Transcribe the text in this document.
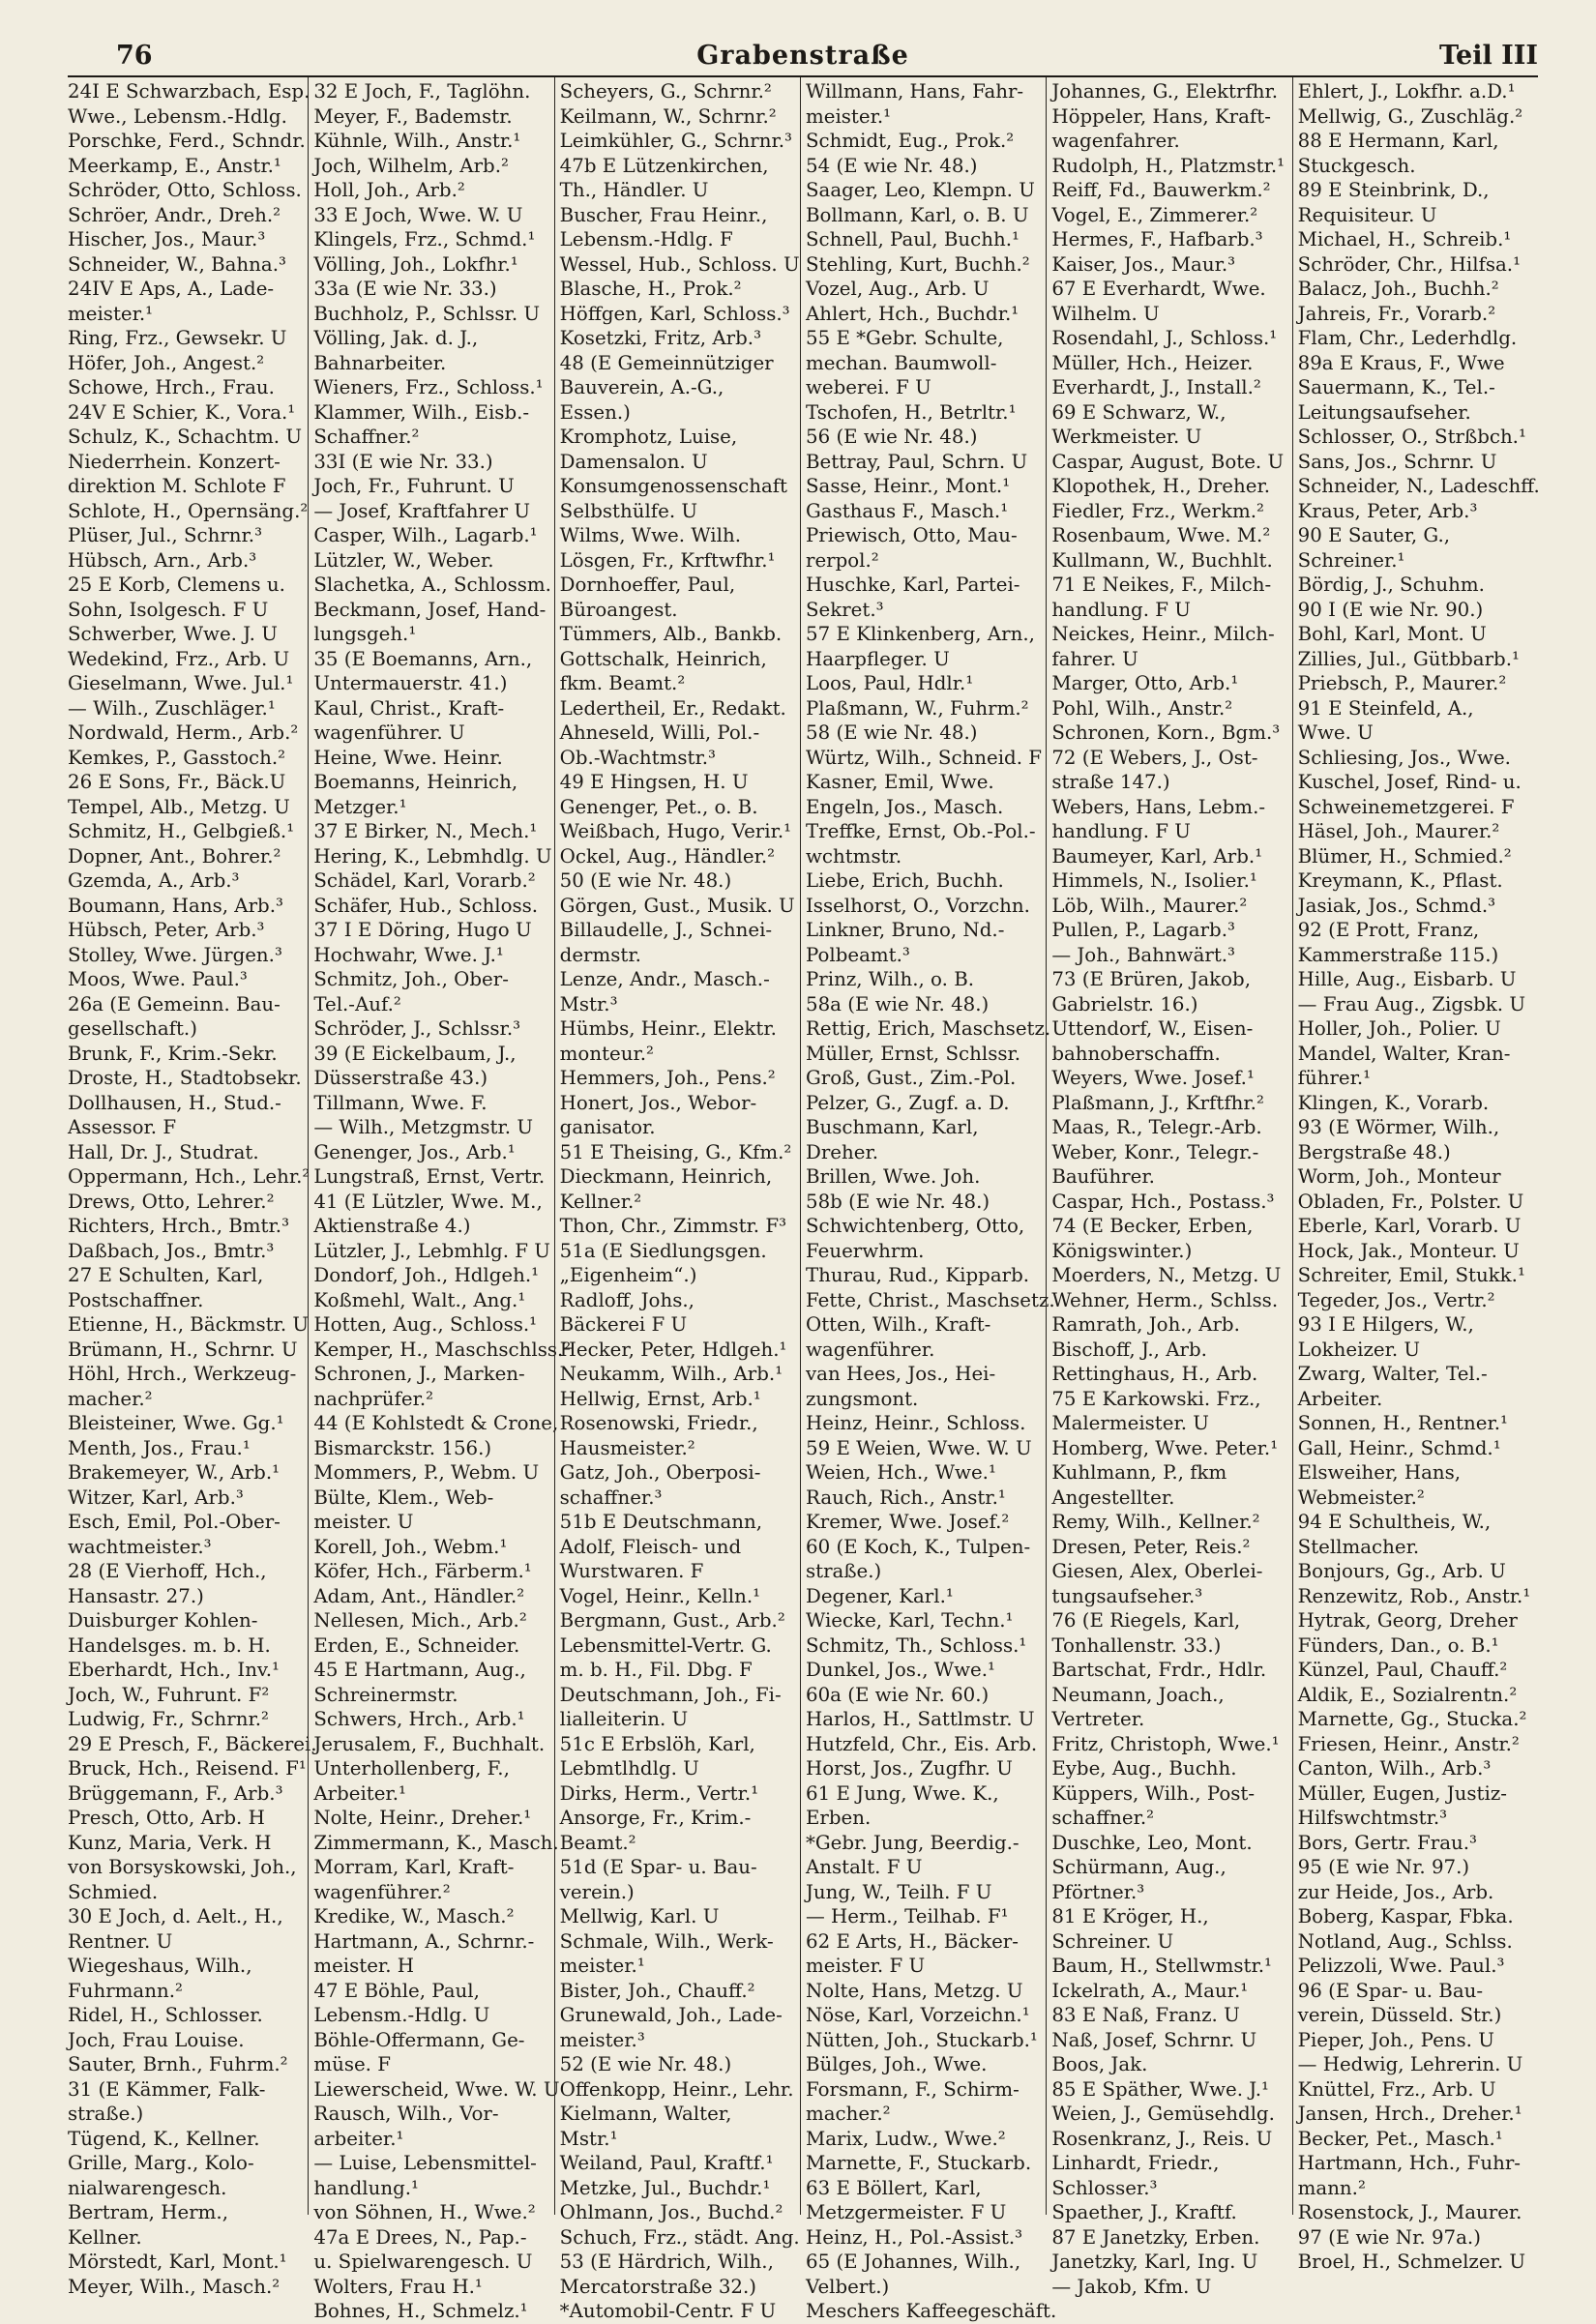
76	Grabenstraße	Teil III
24I E Schwarzbach, Esp.
Wwe., Lebensm.-Hdlg.
Porschke, Ferd., Schndr.
Meerkamp, E., Anstr.¹
Schröder, Otto, Schloss.
Schröer, Andr., Dreh.²
Hischer, Jos., Maur.³
Schneider, W., Bahna.³
24IV E Aps, A., Lade-
meister.¹
Ring, Frz., Gewsekr. U
Höfer, Joh., Angest.²
Schowe, Hrch., Frau.
24V E Schier, K., Vora.¹
Schulz, K., Schachtm. U
Niederrhein. Konzert-
direktion M. Schlote F
Schlote, H., Opernsäng.²
Plüser, Jul., Schrnr.³
Hübsch, Arn., Arb.³
25 E Korb, Clemens u.
Sohn, Isolgesch. F U
Schwerber, Wwe. J. U
Wedekind, Frz., Arb. U
Gieselmann, Wwe. Jul.¹
— Wilh., Zuschläger.¹
Nordwald, Herm., Arb.²
Kemkes, P., Gasstoch.²
26 E Sons, Fr., Bäck.U
Tempel, Alb., Metzg. U
Schmitz, H., Gelbgieß.¹
Dopner, Ant., Bohrer.²
Gzemda, A., Arb.³
Boumann, Hans, Arb.³
Hübsch, Peter, Arb.³
Stolley, Wwe. Jürgen.³
Moos, Wwe. Paul.³
26a (E Gemeinn. Bau-
gesellschaft.)
Brunk, F., Krim.-Sekr.
Droste, H., Stadtobsekr.
Dollhausen, H., Stud.-
Assessor. F
Hall, Dr. J., Studrat.
Oppermann, Hch., Lehr.²
Drews, Otto, Lehrer.²
Richters, Hrch., Bmtr.³
Daßbach, Jos., Bmtr.³
27 E Schulten, Karl,
Postschaffner.
Etienne, H., Bäckmstr. U
Brümann, H., Schrnr. U
Höhl, Hrch., Werkzeug-
macher.²
Bleisteiner, Wwe. Gg.¹
Menth, Jos., Frau.¹
Brakemeyer, W., Arb.¹
Witzer, Karl, Arb.³
Esch, Emil, Pol.-Ober-
wachtmeister.³
28 (E Vierhoff, Hch.,
Hansastr. 27.)
Duisburger Kohlen-
Handelsges. m. b. H.
Eberhardt, Hch., Inv.¹
Joch, W., Fuhrunt. F²
Ludwig, Fr., Schrnr.²
29 E Presch, F., Bäckerei.
Bruck, Hch., Reisend. F¹
Brüggemann, F., Arb.³
Presch, Otto, Arb. H
Kunz, Maria, Verk. H
von Borsyskowski, Joh.,
Schmied.
30 E Joch, d. Aelt., H.,
Rentner. U
Wiegeshaus, Wilh.,
Fuhrmann.²
Ridel, H., Schlosser.
Joch, Frau Louise.
Sauter, Brnh., Fuhrm.²
31 (E Kämmer, Falk-
straße.)
Tügend, K., Kellner.
Grille, Marg., Kolo-
nialwarengesch.
Bertram, Herm.,
Kellner.
Mörstedt, Karl, Mont.¹
Meyer, Wilh., Masch.²
32 E Joch, F., Taglöhn.
Meyer, F., Bademstr.
Kühnle, Wilh., Anstr.¹
Joch, Wilhelm, Arb.²
Holl, Joh., Arb.²
33 E Joch, Wwe. W. U
Klingels, Frz., Schmd.¹
Völling, Joh., Lokfhr.¹
33a (E wie Nr. 33.)
Buchholz, P., Schlssr. U
Völling, Jak. d. J.,
Bahnarbeiter.
Wieners, Frz., Schloss.¹
Klammer, Wilh., Eisb.-
Schaffner.²
33I (E wie Nr. 33.)
Joch, Fr., Fuhrunt. U
— Josef, Kraftfahrer U
Casper, Wilh., Lagarb.¹
Lützler, W., Weber.
Slachetka, A., Schlossm.
Beckmann, Josef, Hand-
lungsgeh.¹
35 (E Boemanns, Arn.,
Untermauerstr. 41.)
Kaul, Christ., Kraft-
wagenführer. U
Heine, Wwe. Heinr.
Boemanns, Heinrich,
Metzger.¹
37 E Birker, N., Mech.¹
Hering, K., Lebmhdlg. U
Schädel, Karl, Vorarb.²
Schäfer, Hub., Schloss.
37 I E Döring, Hugo U
Hochwahr, Wwe. J.¹
Schmitz, Joh., Ober-
Tel.-Auf.²
Schröder, J., Schlssr.³
39 (E Eickelbaum, J.,
Düsserstraße 43.)
Tillmann, Wwe. F.
— Wilh., Metzgmstr. U
Genenger, Jos., Arb.¹
Lungstraß, Ernst, Vertr.
41 (E Lützler, Wwe. M.,
Aktienstraße 4.)
Lützler, J., Lebmhlg. F U
Dondorf, Joh., Hdlgeh.¹
Koßmehl, Walt., Ang.¹
Hotten, Aug., Schloss.¹
Kemper, H., Maschschlss.²
Schronen, J., Marken-
nachprüfer.²
44 (E Kohlstedt & Crone,
Bismarckstr. 156.)
Mommers, P., Webm. U
Bülte, Klem., Web-
meister. U
Korell, Joh., Webm.¹
Köfer, Hch., Färberm.¹
Adam, Ant., Händler.²
Nellesen, Mich., Arb.²
Erden, E., Schneider.
45 E Hartmann, Aug.,
Schreinermstr.
Schwers, Hrch., Arb.¹
Jerusalem, F., Buchhalt.
Unterhollenberg, F.,
Arbeiter.¹
Nolte, Heinr., Dreher.¹
Zimmermann, K., Masch.
Morram, Karl, Kraft-
wagenführer.²
Kredike, W., Masch.²
Hartmann, A., Schrnr.-
meister. H
47 E Böhle, Paul,
Lebensm.-Hdlg. U
Böhle-Offermann, Ge-
müse. F
Liewerscheid, Wwe. W. U
Rausch, Wilh., Vor-
arbeiter.¹
— Luise, Lebensmittel-
handlung.¹
von Söhnen, H., Wwe.²
47a E Drees, N., Pap.-
u. Spielwarengesch. U
Wolters, Frau H.¹
Bohnes, H., Schmelz.¹
Scheyers, G., Schrnr.²
Keilmann, W., Schrnr.²
Leimkühler, G., Schrnr.³
47b E Lützenkirchen,
Th., Händler. U
Buscher, Frau Heinr.,
Lebensm.-Hdlg. F
Wessel, Hub., Schloss. U
Blasche, H., Prok.²
Höffgen, Karl, Schloss.³
Kosetzki, Fritz, Arb.³
48 (E Gemeinnütziger
Bauverein, A.-G.,
Essen.)
Kromphotz, Luise,
Damensalon. U
Konsumgenossenschaft
Selbsthülfe. U
Wilms, Wwe. Wilh.
Lösgen, Fr., Krftwfhr.¹
Dornhoeffer, Paul,
Büroangest.
Tümmers, Alb., Bankb.
Gottschalk, Heinrich,
fkm. Beamt.²
Ledertheil, Er., Redakt.
Ahneseld, Willi, Pol.-
Ob.-Wachtmstr.³
49 E Hingsen, H. U
Genenger, Pet., o. B.
Weißbach, Hugo, Verir.¹
Ockel, Aug., Händler.²
50 (E wie Nr. 48.)
Görgen, Gust., Musik. U
Billaudelle, J., Schnei-
dermstr.
Lenze, Andr., Masch.-
Mstr.³
Hümbs, Heinr., Elektr.
monteur.²
Hemmers, Joh., Pens.²
Honert, Jos., Webor-
ganisator.
51 E Theising, G., Kfm.²
Dieckmann, Heinrich,
Kellner.²
Thon, Chr., Zimmstr. F³
51a (E Siedlungsgen.
„Eigenheim“.)
Radloff, Johs.,
Bäckerei F U
Hecker, Peter, Hdlgeh.¹
Neukamm, Wilh., Arb.¹
Hellwig, Ernst, Arb.¹
Rosenowski, Friedr.,
Hausmeister.²
Gatz, Joh., Oberposi-
schaffner.³
51b E Deutschmann,
Adolf, Fleisch- und
Wurstwaren. F
Vogel, Heinr., Kelln.¹
Bergmann, Gust., Arb.²
Lebensmittel-Vertr. G.
m. b. H., Fil. Dbg. F
Deutschmann, Joh., Fi-
lialleiterin. U
51c E Erbslöh, Karl,
Lebmtlhdlg. U
Dirks, Herm., Vertr.¹
Ansorge, Fr., Krim.-
Beamt.²
51d (E Spar- u. Bau-
verein.)
Mellwig, Karl. U
Schmale, Wilh., Werk-
meister.¹
Bister, Joh., Chauff.²
Grunewald, Joh., Lade-
meister.³
52 (E wie Nr. 48.)
Offenkopp, Heinr., Lehr.
Kielmann, Walter,
Mstr.¹
Weiland, Paul, Kraftf.¹
Metzke, Jul., Buchdr.¹
Ohlmann, Jos., Buchd.²
Schuch, Frz., städt. Ang.
53 (E Härdrich, Wilh.,
Mercatorstraße 32.)
*Automobil-Centr. F U
Willmann, Hans, Fahr-
meister.¹
Schmidt, Eug., Prok.²
54 (E wie Nr. 48.)
Saager, Leo, Klempn. U
Bollmann, Karl, o. B. U
Schnell, Paul, Buchh.¹
Stehling, Kurt, Buchh.²
Vozel, Aug., Arb. U
Ahlert, Hch., Buchdr.¹
55 E *Gebr. Schulte,
mechan. Baumwoll-
weberei. F U
Tschofen, H., Betrltr.¹
56 (E wie Nr. 48.)
Bettray, Paul, Schrn. U
Sasse, Heinr., Mont.¹
Gasthaus F., Masch.¹
Priewisch, Otto, Mau-
rerpol.²
Huschke, Karl, Partei-
Sekret.³
57 E Klinkenberg, Arn.,
Haarpfleger. U
Loos, Paul, Hdlr.¹
Plaßmann, W., Fuhrm.²
58 (E wie Nr. 48.)
Würtz, Wilh., Schneid. F
Kasner, Emil, Wwe.
Engeln, Jos., Masch.
Treffke, Ernst, Ob.-Pol.-
wchtmstr.
Liebe, Erich, Buchh.
Isselhorst, O., Vorzchn.
Linkner, Bruno, Nd.-
Polbeamt.³
Prinz, Wilh., o. B.
58a (E wie Nr. 48.)
Rettig, Erich, Maschsetz.
Müller, Ernst, Schlssr.
Groß, Gust., Zim.-Pol.
Pelzer, G., Zugf. a. D.
Buschmann, Karl,
Dreher.
Brillen, Wwe. Joh.
58b (E wie Nr. 48.)
Schwichtenberg, Otto,
Feuerwhrm.
Thurau, Rud., Kipparb.
Fette, Christ., Maschsetz.
Otten, Wilh., Kraft-
wagenführer.
van Hees, Jos., Hei-
zungsmont.
Heinz, Heinr., Schloss.
59 E Weien, Wwe. W. U
Weien, Hch., Wwe.¹
Rauch, Rich., Anstr.¹
Kremer, Wwe. Josef.²
60 (E Koch, K., Tulpen-
straße.)
Degener, Karl.¹
Wiecke, Karl, Techn.¹
Schmitz, Th., Schloss.¹
Dunkel, Jos., Wwe.¹
60a (E wie Nr. 60.)
Harlos, H., Sattlmstr. U
Hutzfeld, Chr., Eis. Arb.
Horst, Jos., Zugfhr. U
61 E Jung, Wwe. K.,
Erben.
*Gebr. Jung, Beerdig.-
Anstalt. F U
Jung, W., Teilh. F U
— Herm., Teilhab. F¹
62 E Arts, H., Bäcker-
meister. F U
Nolte, Hans, Metzg. U
Nöse, Karl, Vorzeichn.¹
Nütten, Joh., Stuckarb.¹
Bülges, Joh., Wwe.
Forsmann, F., Schirm-
macher.²
Marix, Ludw., Wwe.²
Marnette, F., Stuckarb.
63 E Böllert, Karl,
Metzgermeister. F U
Heinz, H., Pol.-Assist.³
65 (E Johannes, Wilh.,
Velbert.)
Meschers Kaffeegeschäft.
Johannes, G., Elektrfhr.
Höppeler, Hans, Kraft-
wagenfahrer.
Rudolph, H., Platzmstr.¹
Reiff, Fd., Bauwerkm.²
Vogel, E., Zimmerer.²
Hermes, F., Hafbarb.³
Kaiser, Jos., Maur.³
67 E Everhardt, Wwe.
Wilhelm. U
Rosendahl, J., Schloss.¹
Müller, Hch., Heizer.
Everhardt, J., Install.²
69 E Schwarz, W.,
Werkmeister. U
Caspar, August, Bote. U
Klopothek, H., Dreher.
Fiedler, Frz., Werkm.²
Rosenbaum, Wwe. M.²
Kullmann, W., Buchhlt.
71 E Neikes, F., Milch-
handlung. F U
Neickes, Heinr., Milch-
fahrer. U
Marger, Otto, Arb.¹
Pohl, Wilh., Anstr.²
Schronen, Korn., Bgm.³
72 (E Webers, J., Ost-
straße 147.)
Webers, Hans, Lebm.-
handlung. F U
Baumeyer, Karl, Arb.¹
Himmels, N., Isolier.¹
Löb, Wilh., Maurer.²
Pullen, P., Lagarb.³
— Joh., Bahnwärt.³
73 (E Brüren, Jakob,
Gabrielstr. 16.)
Uttendorf, W., Eisen-
bahnoberschaffn.
Weyers, Wwe. Josef.¹
Plaßmann, J., Krftfhr.²
Maas, R., Telegr.-Arb.
Weber, Konr., Telegr.-
Bauführer.
Caspar, Hch., Postass.³
74 (E Becker, Erben,
Königswinter.)
Moerders, N., Metzg. U
Wehner, Herm., Schlss.
Ramrath, Joh., Arb.
Bischoff, J., Arb.
Rettinghaus, H., Arb.
75 E Karkowski. Frz.,
Malermeister. U
Homberg, Wwe. Peter.¹
Kuhlmann, P., fkm
Angestellter.
Remy, Wilh., Kellner.²
Dresen, Peter, Reis.²
Giesen, Alex, Oberlei-
tungsaufseher.³
76 (E Riegels, Karl,
Tonhallenstr. 33.)
Bartschat, Frdr., Hdlr.
Neumann, Joach.,
Vertreter.
Fritz, Christoph, Wwe.¹
Eybe, Aug., Buchh.
Küppers, Wilh., Post-
schaffner.²
Duschke, Leo, Mont.
Schürmann, Aug.,
Pförtner.³
81 E Kröger, H.,
Schreiner. U
Baum, H., Stellwmstr.¹
Ickelrath, A., Maur.¹
83 E Naß, Franz. U
Naß, Josef, Schrnr. U
Boos, Jak.
85 E Späther, Wwe. J.¹
Weien, J., Gemüsehdlg.
Rosenkranz, J., Reis. U
Linhardt, Friedr.,
Schlosser.³
Spaether, J., Kraftf.
87 E Janetzky, Erben.
Janetzky, Karl, Ing. U
— Jakob, Kfm. U
Ehlert, J., Lokfhr. a.D.¹
Mellwig, G., Zuschläg.²
88 E Hermann, Karl,
Stuckgesch.
89 E Steinbrink, D.,
Requisiteur. U
Michael, H., Schreib.¹
Schröder, Chr., Hilfsa.¹
Balacz, Joh., Buchh.²
Jahreis, Fr., Vorarb.²
Flam, Chr., Lederhdlg.
89a E Kraus, F., Wwe
Sauermann, K., Tel.-
Leitungsaufseher.
Schlosser, O., Strßbch.¹
Sans, Jos., Schrnr. U
Schneider, N., Ladeschff.
Kraus, Peter, Arb.³
90 E Sauter, G.,
Schreiner.¹
Bördig, J., Schuhm.
90 I (E wie Nr. 90.)
Bohl, Karl, Mont. U
Zillies, Jul., Gütbbarb.¹
Priebsch, P., Maurer.²
91 E Steinfeld, A.,
Wwe. U
Schliesing, Jos., Wwe.
Kuschel, Josef, Rind- u.
Schweinemetzgerei. F
Häsel, Joh., Maurer.²
Blümer, H., Schmied.²
Kreymann, K., Pflast.
Jasiak, Jos., Schmd.³
92 (E Prott, Franz,
Kammerstraße 115.)
Hille, Aug., Eisbarb. U
— Frau Aug., Zigsbk. U
Holler, Joh., Polier. U
Mandel, Walter, Kran-
führer.¹
Klingen, K., Vorarb.
93 (E Wörmer, Wilh.,
Bergstraße 48.)
Worm, Joh., Monteur
Obladen, Fr., Polster. U
Eberle, Karl, Vorarb. U
Hock, Jak., Monteur. U
Schreiter, Emil, Stukk.¹
Tegeder, Jos., Vertr.²
93 I E Hilgers, W.,
Lokheizer. U
Zwarg, Walter, Tel.-
Arbeiter.
Sonnen, H., Rentner.¹
Gall, Heinr., Schmd.¹
Elsweiher, Hans,
Webmeister.²
94 E Schultheis, W.,
Stellmacher.
Bonjours, Gg., Arb. U
Renzewitz, Rob., Anstr.¹
Hytrak, Georg, Dreher
Fünders, Dan., o. B.¹
Künzel, Paul, Chauff.²
Aldik, E., Sozialrentn.²
Marnette, Gg., Stucka.²
Friesen, Heinr., Anstr.²
Canton, Wilh., Arb.³
Müller, Eugen, Justiz-
Hilfswchtmstr.³
Bors, Gertr. Frau.³
95 (E wie Nr. 97.)
zur Heide, Jos., Arb.
Boberg, Kaspar, Fbka.
Notland, Aug., Schlss.
Pelizzoli, Wwe. Paul.³
96 (E Spar- u. Bau-
verein, Düsseld. Str.)
Pieper, Joh., Pens. U
— Hedwig, Lehrerin. U
Knüttel, Frz., Arb. U
Jansen, Hrch., Dreher.¹
Becker, Pet., Masch.¹
Hartmann, Hch., Fuhr-
mann.²
Rosenstock, J., Maurer.
97 (E wie Nr. 97a.)
Broel, H., Schmelzer. U
